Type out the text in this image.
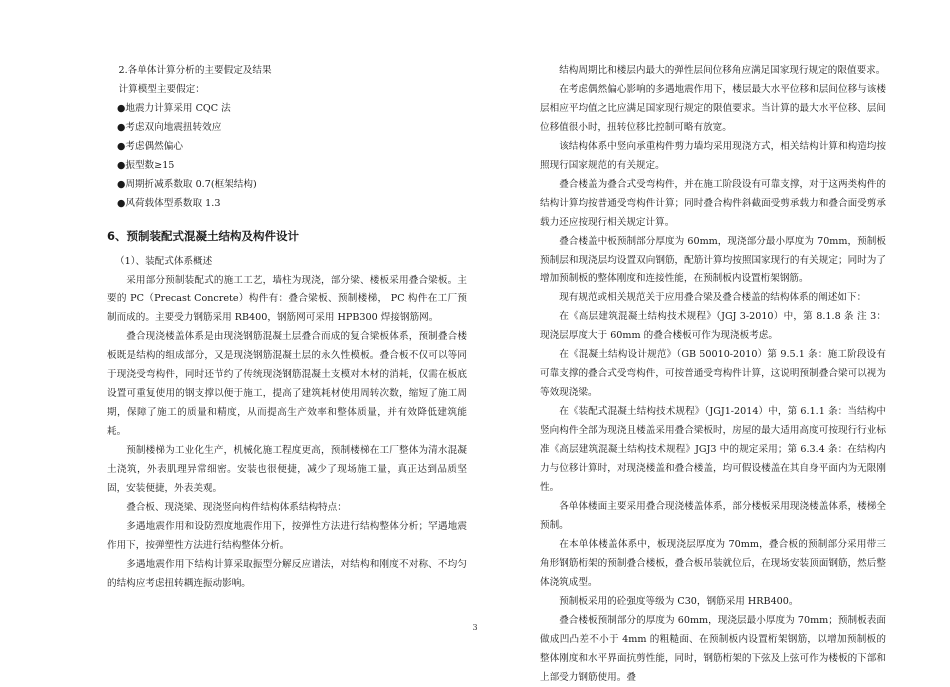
2.各单体计算分析的主要假定及结果

计算模型主要假定：

●地震力计算采用 CQC 法

●考虑双向地震扭转效应

●考虑偶然偏心

●振型数≥15

●周期折减系数取 0.7(框架结构)

●风荷载体型系数取 1.3

6、预制装配式混凝土结构及构件设计

（1）、装配式体系概述

采用部分预制装配式的施工工艺，墙柱为现浇，部分梁、楼板采用叠合梁板。主要的 PC（Precast Concrete）构件有：叠合梁板、预制楼梯， PC 构件在工厂预制而成的。主要受力钢筋采用 RB400，钢筋网可采用 HPB300 焊接钢筋网。

叠合现浇楼盖体系是由现浇钢筋混凝土层叠合而成的复合梁板体系，预制叠合楼板既是结构的组成部分，又是现浇钢筋混凝土层的永久性模板。叠合板不仅可以等同于现浇受弯构件，同时还节约了传统现浇钢筋混凝土支模对木材的消耗，仅需在板底设置可重复使用的钢支撑以便于施工，提高了建筑耗材使用周转次数，缩短了施工周期，保障了施工的质量和精度，从而提高生产效率和整体质量，并有效降低建筑能耗。

预制楼梯为工业化生产，机械化施工程度更高，预制楼梯在工厂整体为清水混凝土浇筑，外表肌理异常细密。安装也很便捷，减少了现场施工量，真正达到品质坚固，安装便捷，外表美观。

叠合板、现浇梁、现浇竖向构件结构体系结构特点：

多遇地震作用和设防烈度地震作用下，按弹性方法进行结构整体分析；罕遇地震作用下，按弹塑性方法进行结构整体分析。

多遇地震作用下结构计算采取振型分解反应谱法，对结构和刚度不对称、不均匀的结构应考虑扭转耦连振动影响。

结构周期比和楼层内最大的弹性层间位移角应满足国家现行规定的限值要求。

在考虑偶然偏心影响的多遇地震作用下，楼层最大水平位移和层间位移与该楼层相应平均值之比应满足国家现行规定的限值要求。当计算的最大水平位移、层间位移值很小时，扭转位移比控制可略有放宽。

该结构体系中竖向承重构件剪力墙均采用现浇方式，相关结构计算和构造均按照现行国家规范的有关规定。

叠合楼盖为叠合式受弯构件，并在施工阶段设有可靠支撑，对于这两类构件的结构计算均按普通受弯构件计算；同时叠合构件斜截面受剪承载力和叠合面受剪承载力还应按现行相关规定计算。

叠合楼盖中板预制部分厚度为 60mm，现浇部分最小厚度为 70mm，预制板预制层和现浇层均设置双向钢筋，配筋计算均按照国家现行的有关规定；同时为了增加预制板的整体刚度和连接性能，在预制板内设置桁架钢筋。

现有规范或相关规范关于应用叠合梁及叠合楼盖的结构体系的阐述如下：

在《高层建筑混凝土结构技术规程》（JGJ 3-2010）中，第 8.1.8 条 注 3：现浇层厚度大于 60mm 的叠合楼板可作为现浇板考虑。

在《混凝土结构设计规范》（GB 50010-2010）第 9.5.1 条：施工阶段设有可靠支撑的叠合式受弯构件，可按普通受弯构件计算，这说明预制叠合梁可以视为等效现浇梁。

在《装配式混凝土结构技术规程》（JGJ1-2014）中，第 6.1.1 条：当结构中竖向构件全部为现浇且楼盖采用叠合梁板时，房屋的最大适用高度可按现行行业标准《高层建筑混凝土结构技术规程》JGJ3 中的规定采用；第 6.3.4 条：在结构内力与位移计算时，对现浇楼盖和叠合楼盖，均可假设楼盖在其自身平面内为无限刚性。

各单体楼面主要采用叠合现浇楼盖体系，部分楼板采用现浇楼盖体系，楼梯全预制。

在本单体楼盖体系中，板现浇层厚度为 70mm，叠合板的预制部分采用带三角形钢筋桁架的预制叠合楼板，叠合板吊装就位后，在现场安装顶面钢筋，然后整体浇筑成型。

预制板采用的砼强度等级为 C30，钢筋采用 HRB400。

叠合楼板预制部分的厚度为 60mm，现浇层最小厚度为 70mm；预制板表面做成凹凸差不小于 4mm 的粗糙面、在预制板内设置桁架钢筋，以增加预制板的整体刚度和水平界面抗剪性能，同时，钢筋桁架的下弦及上弦可作为楼板的下部和上部受力钢筋使用。叠

3
